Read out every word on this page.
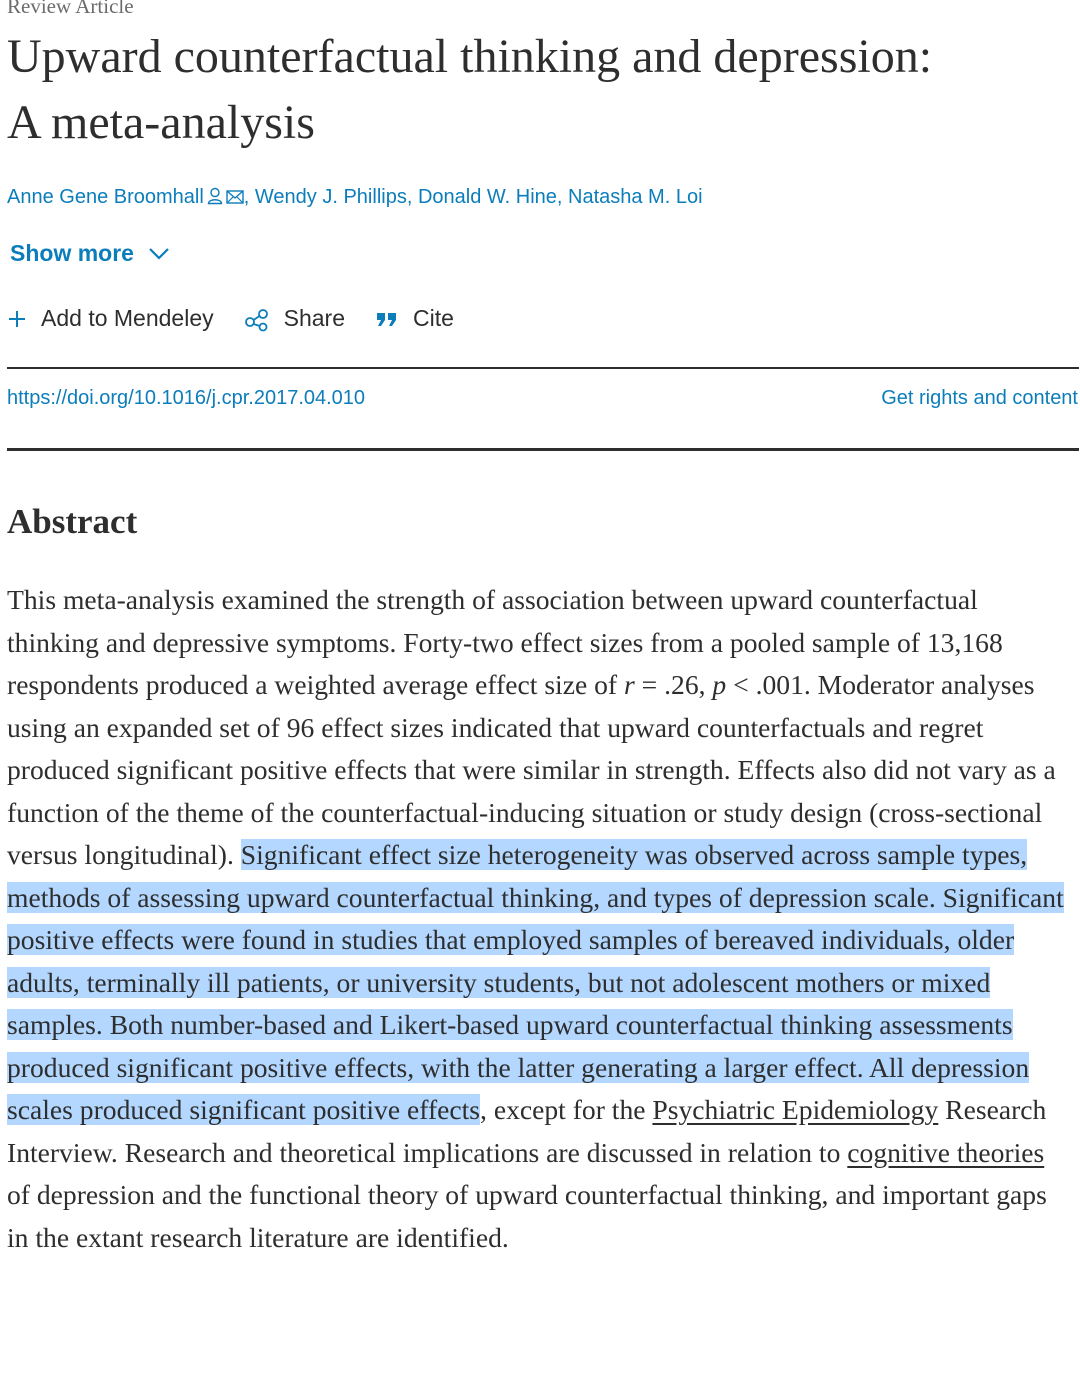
Review Article
Upward counterfactual thinking and depression:
A meta-analysis
Anne Gene Broomhall , Wendy J. Phillips, Donald W. Hine, Natasha M. Loi
Show more
Add to Mendeley	Share	Cite
https://doi.org/10.1016/j.cpr.2017.04.010	Get rights and content
Abstract

This meta-analysis examined the strength of association between upward counterfactual thinking and depressive symptoms. Forty-two effect sizes from a pooled sample of 13,168 respondents produced a weighted average effect size of r = .26, p < .001. Moderator analyses using an expanded set of 96 effect sizes indicated that upward counterfactuals and regret produced significant positive effects that were similar in strength. Effects also did not vary as a function of the theme of the counterfactual-inducing situation or study design (cross-sectional versus longitudinal). Significant effect size heterogeneity was observed across sample types, methods of assessing upward counterfactual thinking, and types of depression scale. Significant positive effects were found in studies that employed samples of bereaved individuals, older adults, terminally ill patients, or university students, but not adolescent mothers or mixed samples. Both number-based and Likert-based upward counterfactual thinking assessments produced significant positive effects, with the latter generating a larger effect. All depression scales produced significant positive effects, except for the Psychiatric Epidemiology Research Interview. Research and theoretical implications are discussed in relation to cognitive theories of depression and the functional theory of upward counterfactual thinking, and important gaps in the extant research literature are identified.
